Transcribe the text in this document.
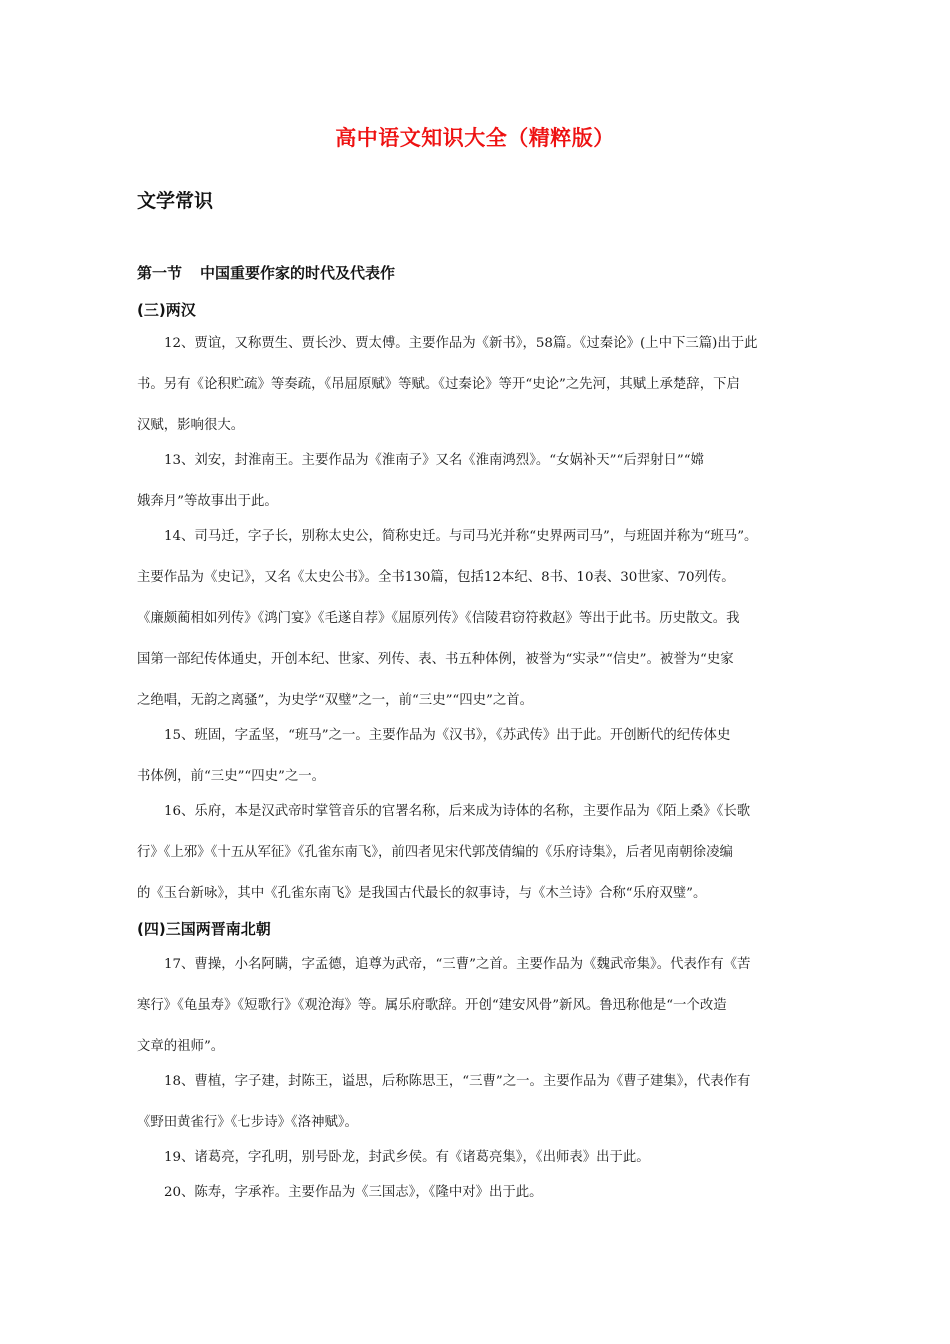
高中语文知识大全（精粹版）
文学常识
第一节 中国重要作家的时代及代表作
(三)两汉
12、贾谊，又称贾生、贾长沙、贾太傅。主要作品为《新书》，58篇。《过秦论》(上中下三篇)出于此
书。另有《论积贮疏》等奏疏，《吊屈原赋》等赋。《过秦论》等开“史论”之先河，其赋上承楚辞，下启
汉赋，影响很大。
13、刘安，封淮南王。主要作品为《淮南子》又名《淮南鸿烈》。“女娲补天”“后羿射日”“嫦
娥奔月”等故事出于此。
14、司马迁，字子长，别称太史公，简称史迁。与司马光并称“史界两司马”，与班固并称为“班马”。
主要作品为《史记》，又名《太史公书》。全书130篇，包括12本纪、8书、10表、30世家、70列传。
《廉颇蔺相如列传》《鸿门宴》《毛遂自荐》《屈原列传》《信陵君窃符救赵》等出于此书。历史散文。我
国第一部纪传体通史，开创本纪、世家、列传、表、书五种体例，被誉为“实录”“信史”。被誉为“史家
之绝唱，无韵之离骚”，为史学“双璧”之一，前“三史”“四史”之首。
15、班固，字孟坚，“班马”之一。主要作品为《汉书》，《苏武传》出于此。开创断代的纪传体史
书体例，前“三史”“四史”之一。
16、乐府，本是汉武帝时掌管音乐的官署名称，后来成为诗体的名称，主要作品为《陌上桑》《长歌
行》《上邪》《十五从军征》《孔雀东南飞》，前四者见宋代郭茂倩编的《乐府诗集》，后者见南朝徐凌编
的《玉台新咏》，其中《孔雀东南飞》是我国古代最长的叙事诗，与《木兰诗》合称“乐府双璧”。
(四)三国两晋南北朝
17、曹操，小名阿瞒，字孟德，追尊为武帝，“三曹”之首。主要作品为《魏武帝集》。代表作有《苦
寒行》《龟虽寿》《短歌行》《观沧海》等。属乐府歌辞。开创“建安风骨”新风。鲁迅称他是“一个改造
文章的祖师”。
18、曹植，字子建，封陈王，谥思，后称陈思王，“三曹”之一。主要作品为《曹子建集》，代表作有
《野田黄雀行》《七步诗》《洛神赋》。
19、诸葛亮，字孔明，别号卧龙，封武乡侯。有《诸葛亮集》，《出师表》出于此。
20、陈寿，字承祚。主要作品为《三国志》，《隆中对》出于此。
